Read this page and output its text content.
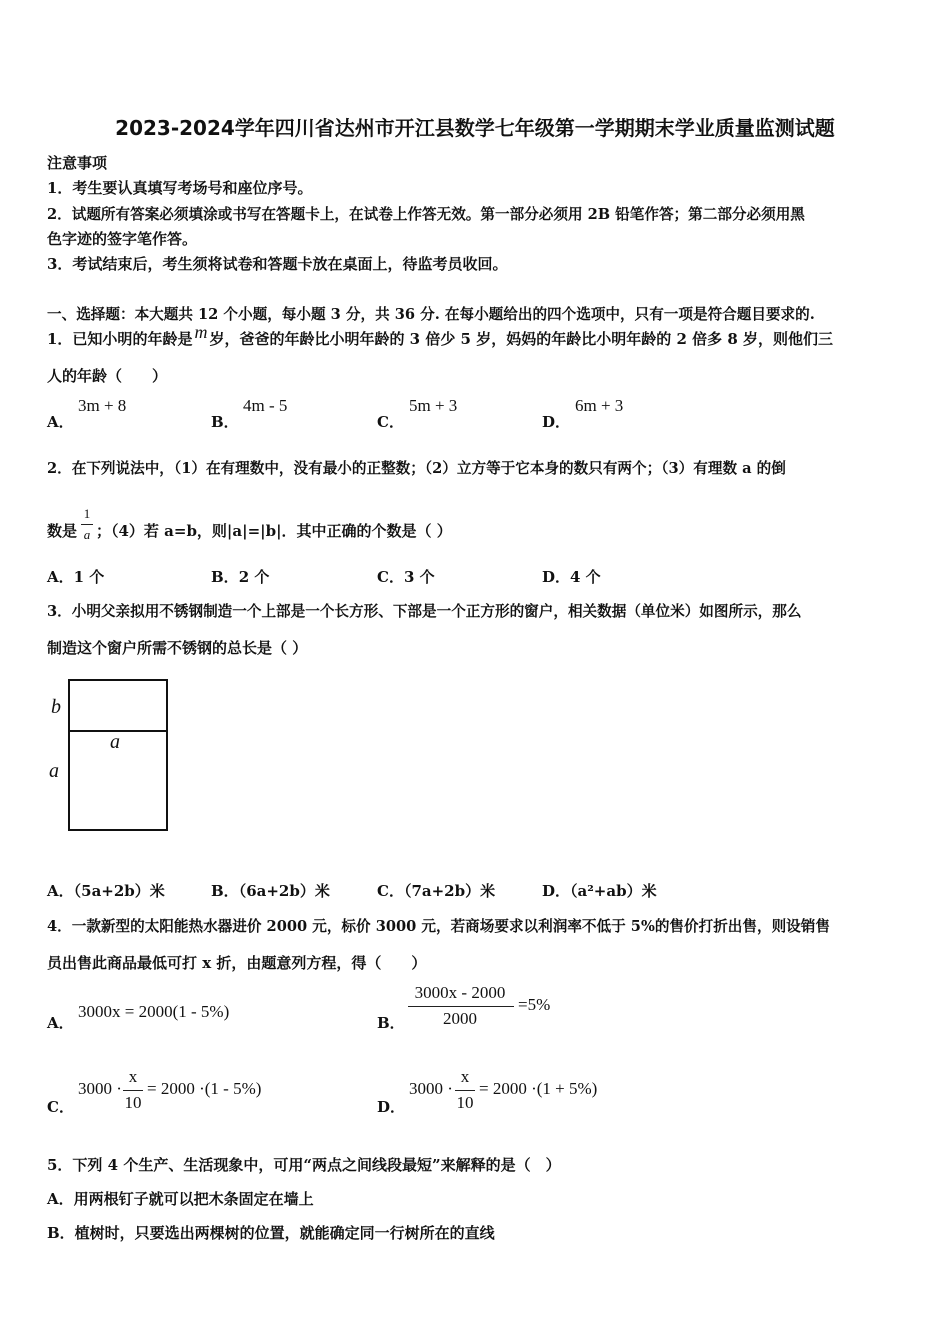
2023-2024学年四川省达州市开江县数学七年级第一学期期末学业质量监测试题
注意事项
1．考生要认真填写考场号和座位序号。
2．试题所有答案必须填涂或书写在答题卡上，在试卷上作答无效。第一部分必须用 2B 铅笔作答；第二部分必须用黑
色字迹的签字笔作答。
3．考试结束后，考生须将试卷和答题卡放在桌面上，待监考员收回。
一、选择题：本大题共 12 个小题，每小题 3 分，共 36 分. 在每小题给出的四个选项中，只有一项是符合题目要求的.
1．已知小明的年龄是 m 岁，爸爸的年龄比小明年龄的 3 倍少 5 岁，妈妈的年龄比小明年龄的 2 倍多 8 岁，则他们三
人的年龄（　　）
A．
3m + 8
B．
4m - 5
C．
5m + 3
D．
6m + 3
2．在下列说法中，（1）在有理数中，没有最小的正整数；（2）立方等于它本身的数只有两个；（3）有理数 a 的倒
数是
1
a ；（4）若 a=b，则|a|=|b|．其中正确的个数是（ ）
A．1 个	B．2 个	C．3 个	D．4 个
3．小明父亲拟用不锈钢制造一个上部是一个长方形、下部是一个正方形的窗户，相关数据（单位米）如图所示，那么
制造这个窗户所需不锈钢的总长是（ ）
b
a
a
A．（5a+2b）米	B．（6a+2b）米	C．（7a+2b）米	D．（a²+ab）米
4．一款新型的太阳能热水器进价 2000 元，标价 3000 元，若商场要求以利润率不低于 5%的售价打折出售，则设销售
员出售此商品最低可打 x 折，由题意列方程，得（　　）
A．
3000x = 2000(1 - 5%)
B．
3000x - 2000
2000
=5%
C．
3000 ·
x
10
= 2000 ·(1 - 5%)
D．
3000 ·
x
10
= 2000 ·(1 + 5%)
5．下列 4 个生产、生活现象中，可用“两点之间线段最短”来解释的是（　）
A．用两根钉子就可以把木条固定在墙上
B．植树时，只要选出两棵树的位置，就能确定同一行树所在的直线
